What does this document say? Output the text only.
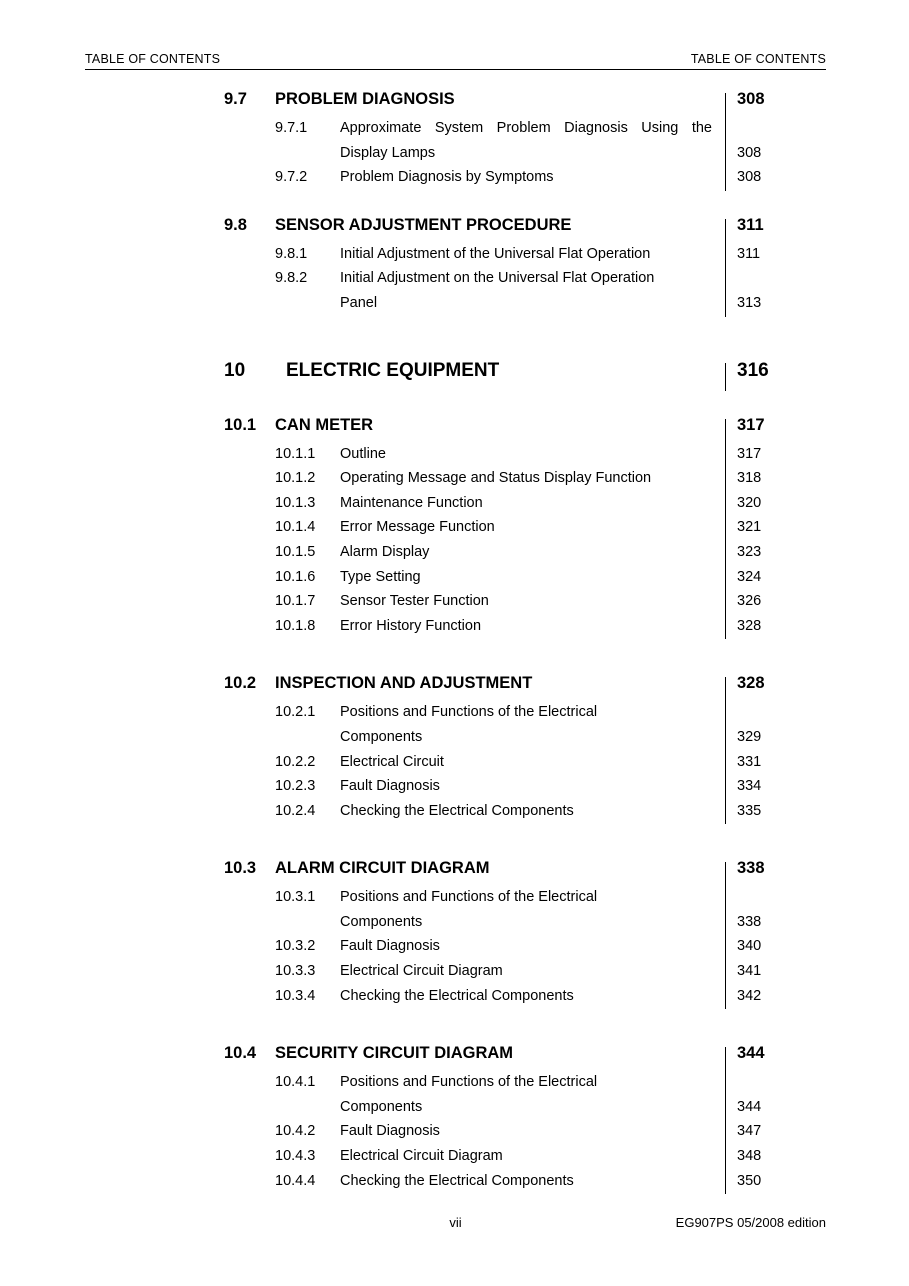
TABLE OF CONTENTS	TABLE OF CONTENTS
9.7	PROBLEM DIAGNOSIS	308
9.7.1	Approximate System Problem Diagnosis Using the
Display Lamps	308
9.7.2	Problem Diagnosis by Symptoms	308
9.8	SENSOR ADJUSTMENT PROCEDURE	311
9.8.1	Initial Adjustment of the Universal Flat Operation	311
9.8.2	Initial Adjustment on the Universal Flat Operation
Panel	313
10	ELECTRIC EQUIPMENT	316
10.1	CAN METER	317
10.1.1	Outline	317
10.1.2	Operating Message and Status Display Function	318
10.1.3	Maintenance Function	320
10.1.4	Error Message Function	321
10.1.5	Alarm Display	323
10.1.6	Type Setting	324
10.1.7	Sensor Tester Function	326
10.1.8	Error History Function	328
10.2	INSPECTION AND ADJUSTMENT	328
10.2.1	Positions and Functions of the Electrical
Components	329
10.2.2	Electrical Circuit	331
10.2.3	Fault Diagnosis	334
10.2.4	Checking the Electrical Components	335
10.3	ALARM CIRCUIT DIAGRAM	338
10.3.1	Positions and Functions of the Electrical
Components	338
10.3.2	Fault Diagnosis	340
10.3.3	Electrical Circuit Diagram	341
10.3.4	Checking the Electrical Components	342
10.4	SECURITY CIRCUIT DIAGRAM	344
10.4.1	Positions and Functions of the Electrical
Components	344
10.4.2	Fault Diagnosis	347
10.4.3	Electrical Circuit Diagram	348
10.4.4	Checking the Electrical Components	350
vii	EG907PS 05/2008 edition
